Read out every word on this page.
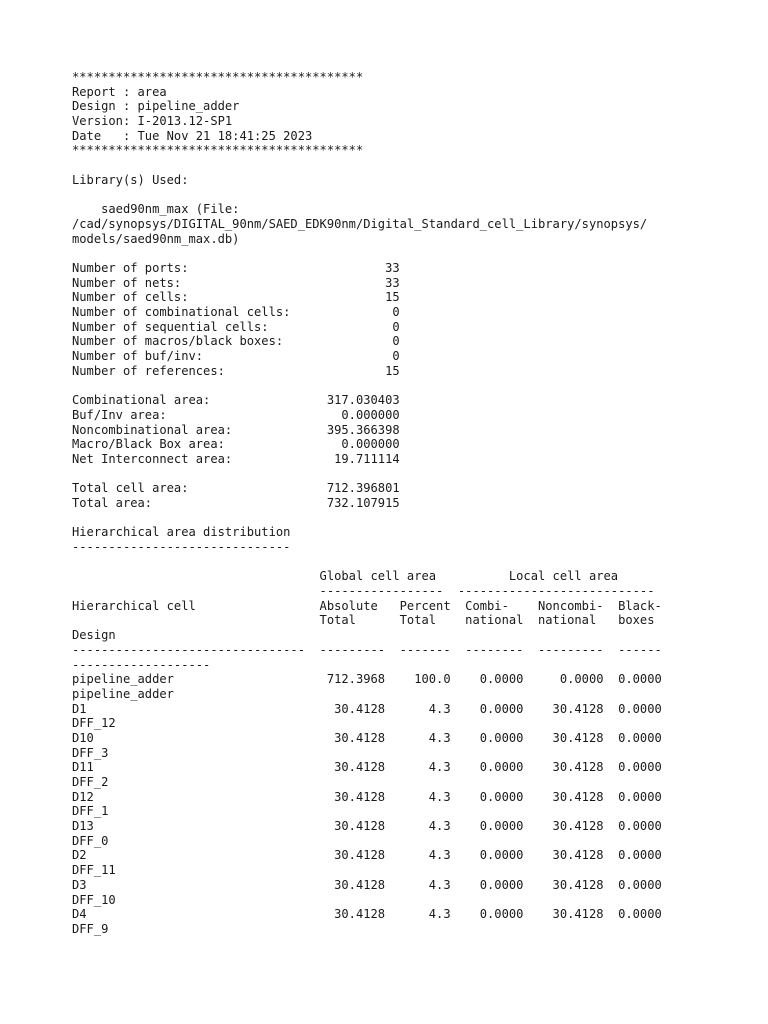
****************************************
Report : area
Design : pipeline_adder
Version: I-2013.12-SP1
Date   : Tue Nov 21 18:41:25 2023
****************************************
Library(s) Used:
saed90nm_max (File:
/cad/synopsys/DIGITAL_90nm/SAED_EDK90nm/Digital_Standard_cell_Library/synopsys/
models/saed90nm_max.db)
Number of ports:                           33
Number of nets:                            33
Number of cells:                           15
Number of combinational cells:              0
Number of sequential cells:                 0
Number of macros/black boxes:               0
Number of buf/inv:                          0
Number of references:                      15
Combinational area:                317.030403
Buf/Inv area:                        0.000000
Noncombinational area:             395.366398
Macro/Black Box area:                0.000000
Net Interconnect area:              19.711114
Total cell area:                   712.396801
Total area:                        732.107915
Hierarchical area distribution
------------------------------
Global cell area          Local cell area
-----------------  ---------------------------
Hierarchical cell                 Absolute   Percent  Combi-    Noncombi-  Black-
Total      Total    national  national   boxes
Design
--------------------------------  ---------  -------  --------  ---------  ------
-------------------
pipeline_adder                     712.3968    100.0    0.0000     0.0000  0.0000
pipeline_adder
D1                                  30.4128      4.3    0.0000    30.4128  0.0000
DFF_12
D10                                 30.4128      4.3    0.0000    30.4128  0.0000
DFF_3
D11                                 30.4128      4.3    0.0000    30.4128  0.0000
DFF_2
D12                                 30.4128      4.3    0.0000    30.4128  0.0000
DFF_1
D13                                 30.4128      4.3    0.0000    30.4128  0.0000
DFF_0
D2                                  30.4128      4.3    0.0000    30.4128  0.0000
DFF_11
D3                                  30.4128      4.3    0.0000    30.4128  0.0000
DFF_10
D4                                  30.4128      4.3    0.0000    30.4128  0.0000
DFF_9
